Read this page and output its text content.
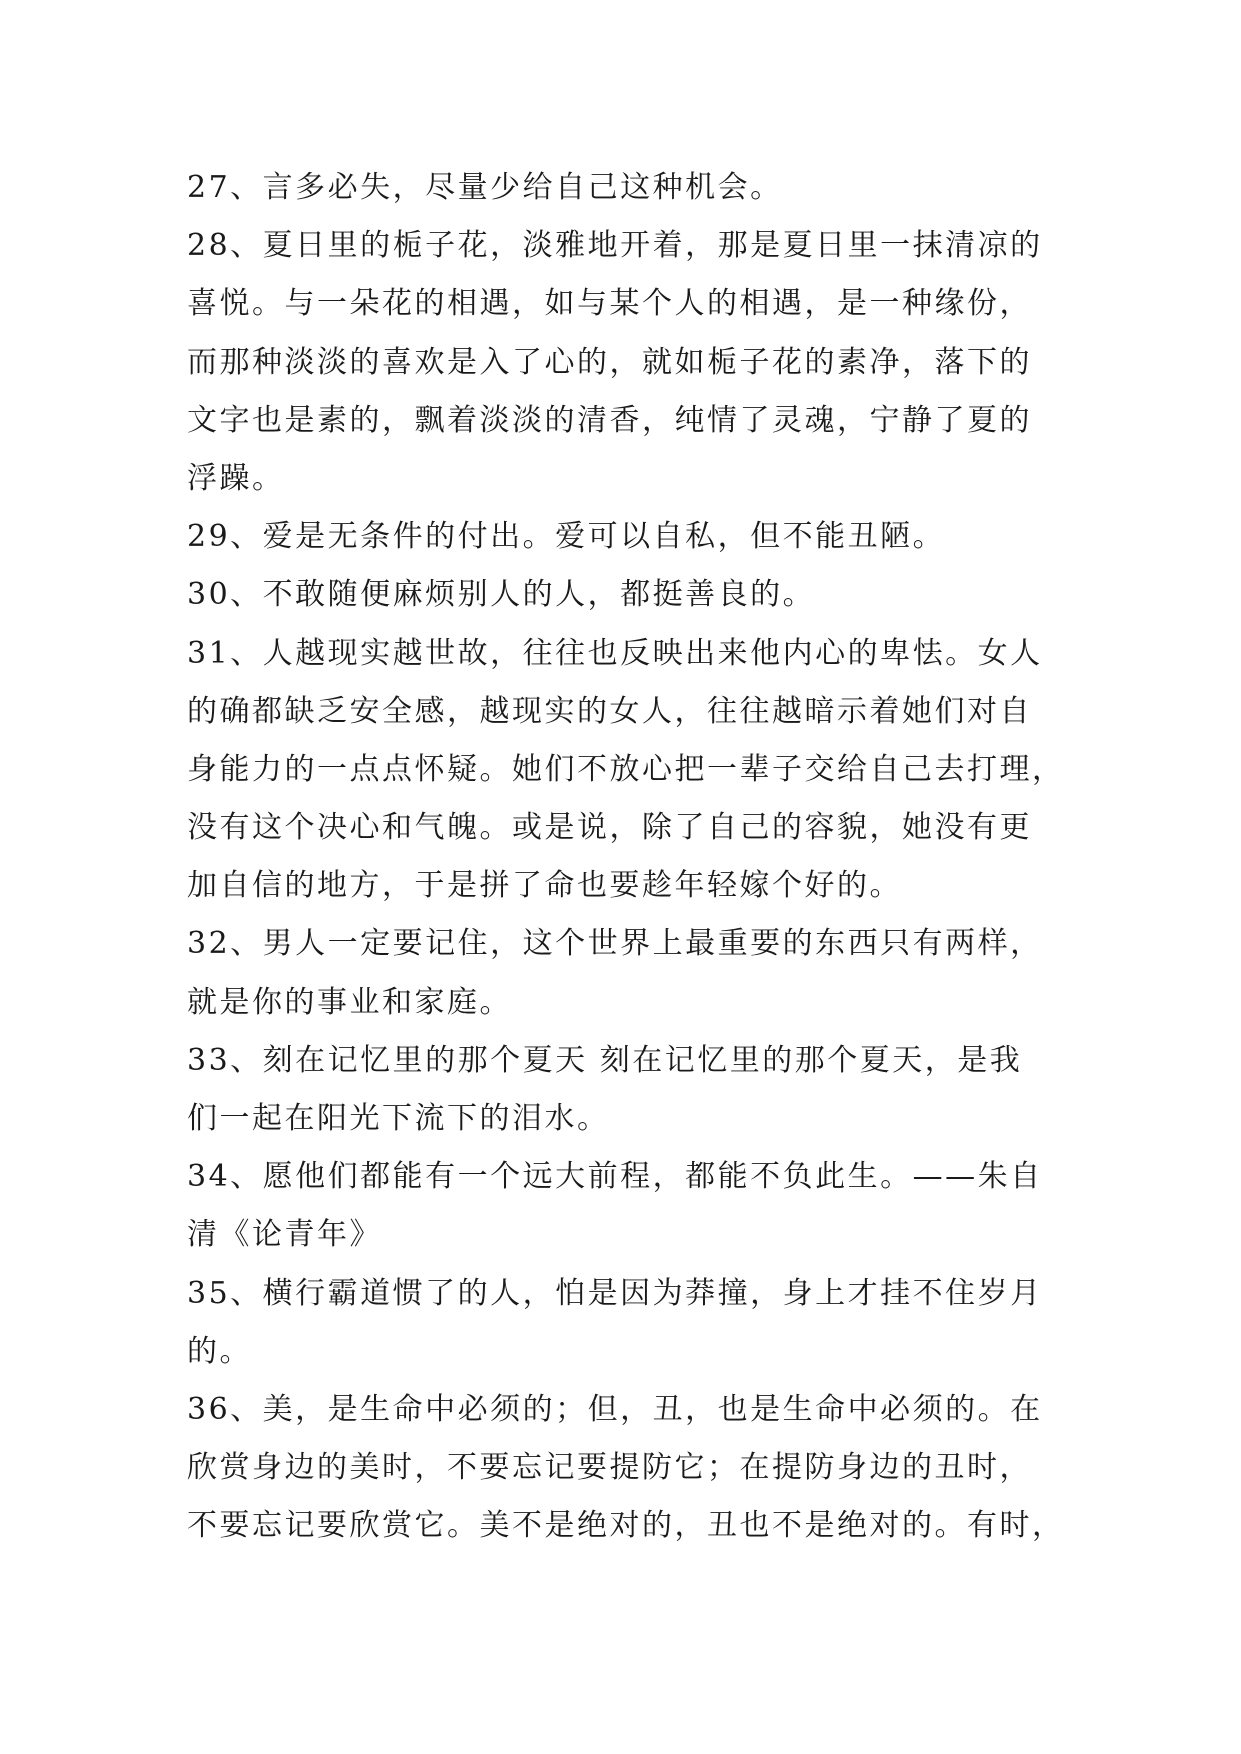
27、言多必失，尽量少给自己这种机会。
28、夏日里的栀子花，淡雅地开着，那是夏日里一抹清凉的
喜悦。与一朵花的相遇，如与某个人的相遇，是一种缘份，
而那种淡淡的喜欢是入了心的，就如栀子花的素净，落下的
文字也是素的，飘着淡淡的清香，纯情了灵魂，宁静了夏的
浮躁。
29、爱是无条件的付出。爱可以自私，但不能丑陋。
30、不敢随便麻烦别人的人，都挺善良的。
31、人越现实越世故，往往也反映出来他内心的卑怯。女人
的确都缺乏安全感，越现实的女人，往往越暗示着她们对自
身能力的一点点怀疑。她们不放心把一辈子交给自己去打理，
没有这个决心和气魄。或是说，除了自己的容貌，她没有更
加自信的地方，于是拼了命也要趁年轻嫁个好的。
32、男人一定要记住，这个世界上最重要的东西只有两样，
就是你的事业和家庭。
33、刻在记忆里的那个夏天 刻在记忆里的那个夏天，是我
们一起在阳光下流下的泪水。
34、愿他们都能有一个远大前程，都能不负此生。——朱自
清《论青年》
35、横行霸道惯了的人，怕是因为莽撞，身上才挂不住岁月
的。
36、美，是生命中必须的；但，丑，也是生命中必须的。在
欣赏身边的美时，不要忘记要提防它；在提防身边的丑时，
不要忘记要欣赏它。美不是绝对的，丑也不是绝对的。有时，
